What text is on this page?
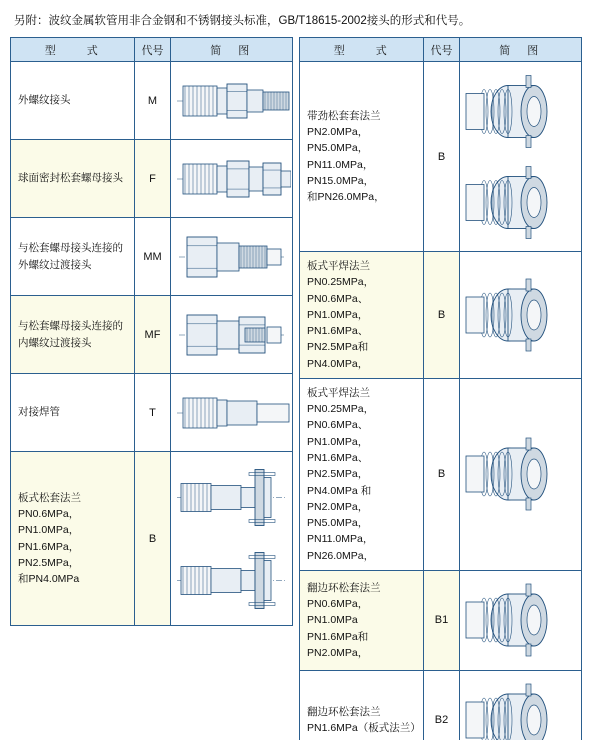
另附：波纹金属软管用非合金钢和不锈钢接头标准，GB/T18615-2002接头的形式和代号。
型　　式	代号	简　图

外螺纹接头	M	

球面密封松套螺母接头	F	

与松套螺母接头连接的外螺纹过渡接头	MM	

与松套螺母接头连接的内螺纹过渡接头	MF	

对接焊管	T	

板式松套法兰
PN0.6MPa，PN1.0MPa，
PN1.6MPa，PN2.5MPa，
和PN4.0MPa	B	
型　　式	代号	简　图

带劲松套套法兰
PN2.0MPa，PN5.0MPa，
PN11.0MPa，PN15.0MPa，
和PN26.0MPa，	B	

板式平焊法兰
PN0.25MPa，PN0.6MPa、
PN1.0MPa，PN1.6MPa、
PN2.5MPa和PN4.0MPa，	B	

板式平焊法兰
PN0.25MPa，PN0.6MPa、
PN1.0MPa，PN1.6MPa、
PN2.5MPa，PN4.0MPa 和
PN2.0MPa，PN5.0MPa，
PN11.0MPa，PN26.0MPa，
	B	

翻边环松套法兰
PN0.6MPa，PN1.0MPa
PN1.6MPa和PN2.0MPa，	B1	

翻边环松套法兰
PN1.6MPa（板式法兰）	B2	
